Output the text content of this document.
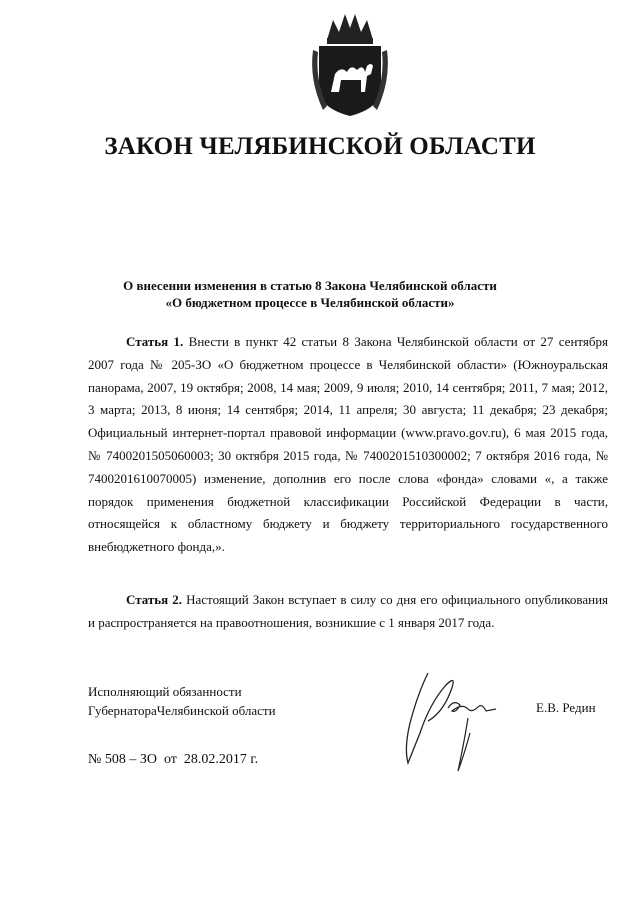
ЗАКОН ЧЕЛЯБИНСКОЙ ОБЛАСТИ
О внесении изменения в статью 8 Закона Челябинской области
«О бюджетном процессе в Челябинской области»
Статья 1. Внести в пункт 42 статьи 8 Закона Челябинской области от 27 сентября 2007 года № 205-ЗО «О бюджетном процессе в Челябинской области» (Южноуральская панорама, 2007, 19 октября; 2008, 14 мая; 2009, 9 июля; 2010, 14 сентября; 2011, 7 мая; 2012, 3 марта; 2013, 8 июня; 14 сентября; 2014, 11 апреля; 30 августа; 11 декабря; 23 декабря; Официальный интернет-портал правовой информации (www.pravo.gov.ru), 6 мая 2015 года, № 7400201505060003; 30 октября 2015 года, № 7400201510300002; 7 октября 2016 года, № 7400201610070005) изменение, дополнив его после слова «фонда» словами «, а также порядок применения бюджетной классификации Российской Федерации в части, относящейся к областному бюджету и бюджету территориального государственного внебюджетного фонда,».
Статья 2. Настоящий Закон вступает в силу со дня его официального опубликования и распространяется на правоотношения, возникшие с 1 января 2017 года.
Исполняющий обязанности
ГубернатораЧелябинской области	Е.В. Редин
№ 508 – ЗО  от  28.02.2017 г.
